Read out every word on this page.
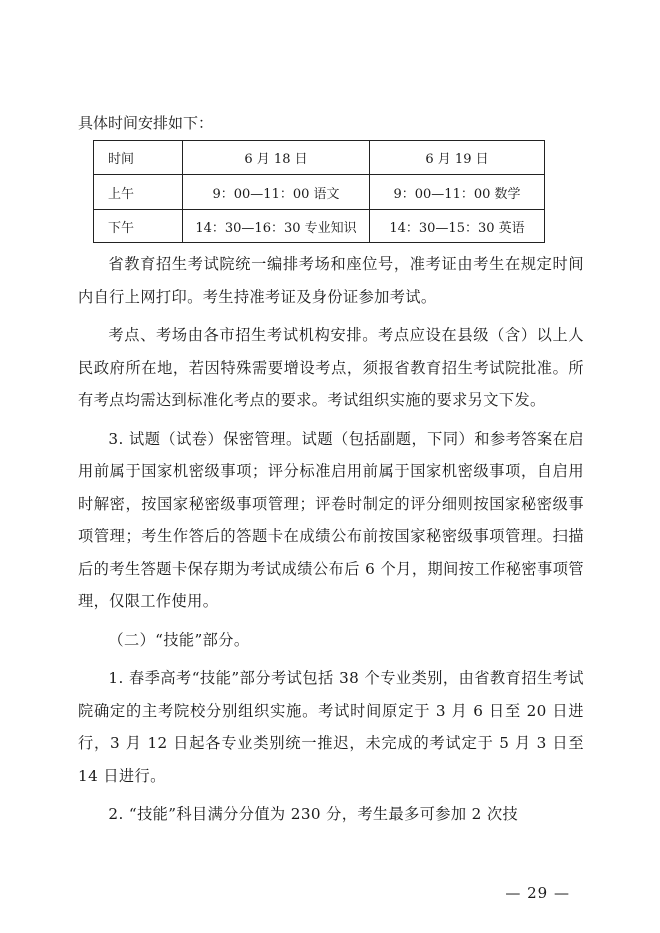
具体时间安排如下：

时间	6 月 18 日	6 月 19 日
上午	9：00—11：00 语文	9：00—11：00 数学
下午	14：30—16：30 专业知识	14：30—15：30 英语

省教育招生考试院统一编排考场和座位号，准考证由考生在规定时间内自行上网打印。考生持准考证及身份证参加考试。

考点、考场由各市招生考试机构安排。考点应设在县级（含）以上人民政府所在地，若因特殊需要增设考点，须报省教育招生考试院批准。所有考点均需达到标准化考点的要求。考试组织实施的要求另文下发。

3. 试题（试卷）保密管理。试题（包括副题，下同）和参考答案在启用前属于国家机密级事项；评分标准启用前属于国家机密级事项，自启用时解密，按国家秘密级事项管理；评卷时制定的评分细则按国家秘密级事项管理；考生作答后的答题卡在成绩公布前按国家秘密级事项管理。扫描后的考生答题卡保存期为考试成绩公布后 6 个月，期间按工作秘密事项管理，仅限工作使用。

（二）“技能”部分。

1. 春季高考“技能”部分考试包括 38 个专业类别，由省教育招生考试院确定的主考院校分别组织实施。考试时间原定于 3 月 6 日至 20 日进行，3 月 12 日起各专业类别统一推迟，未完成的考试定于 5 月 3 日至 14 日进行。

2. “技能”科目满分分值为 230 分，考生最多可参加 2 次技

— 29 —
